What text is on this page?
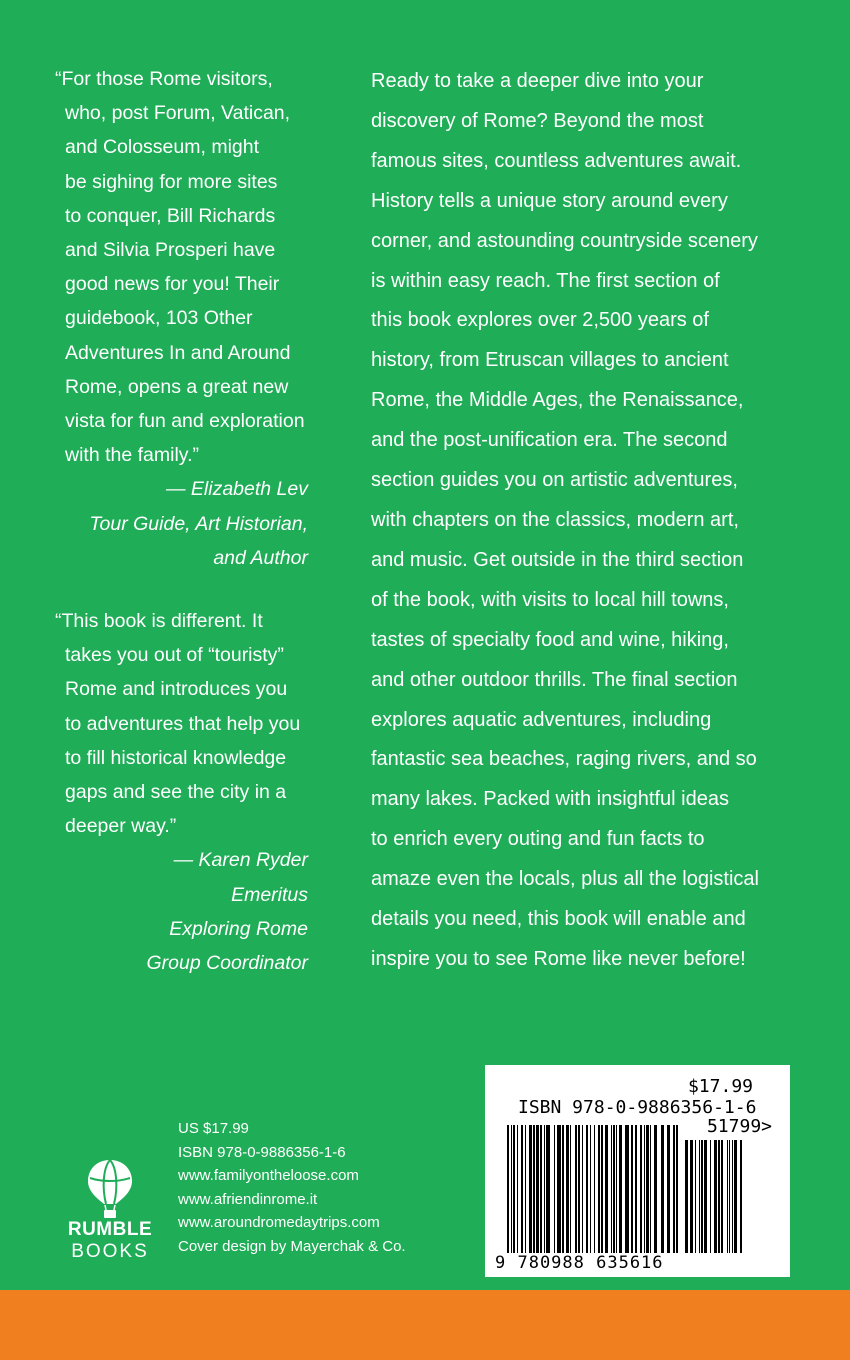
“For those Rome visitors,
who, post Forum, Vatican,
and Colosseum, might
be sighing for more sites
to conquer, Bill Richards
and Silvia Prosperi have
good news for you! Their
guidebook, 103 Other
Adventures In and Around
Rome, opens a great new
vista for fun and exploration
with the family.”
— Elizabeth Lev
Tour Guide, Art Historian,
and Author
“This book is different. It
takes you out of “touristy”
Rome and introduces you
to adventures that help you
to fill historical knowledge
gaps and see the city in a
deeper way.”
— Karen Ryder
Emeritus
Exploring Rome
Group Coordinator
Ready to take a deeper dive into your
discovery of Rome? Beyond the most
famous sites, countless adventures await.
History tells a unique story around every
corner, and astounding countryside scenery
is within easy reach. The first section of
this book explores over 2,500 years of
history, from Etruscan villages to ancient
Rome, the Middle Ages, the Renaissance,
and the post-unification era. The second
section guides you on artistic adventures,
with chapters on the classics, modern art,
and music. Get outside in the third section
of the book, with visits to local hill towns,
tastes of specialty food and wine, hiking,
and other outdoor thrills. The final section
explores aquatic adventures, including
fantastic sea beaches, raging rivers, and so
many lakes. Packed with insightful ideas
to enrich every outing and fun facts to
amaze even the locals, plus all the logistical
details you need, this book will enable and
inspire you to see Rome like never before!
RUMBLE
BOOKS
US $17.99
ISBN 978-0-9886356-1-6
www.familyontheloose.com
www.afriendinrome.it
www.aroundromedaytrips.com
Cover design by Mayerchak & Co.
$17.99
ISBN 978-0-9886356-1-6
51799>
9 780988 635616
